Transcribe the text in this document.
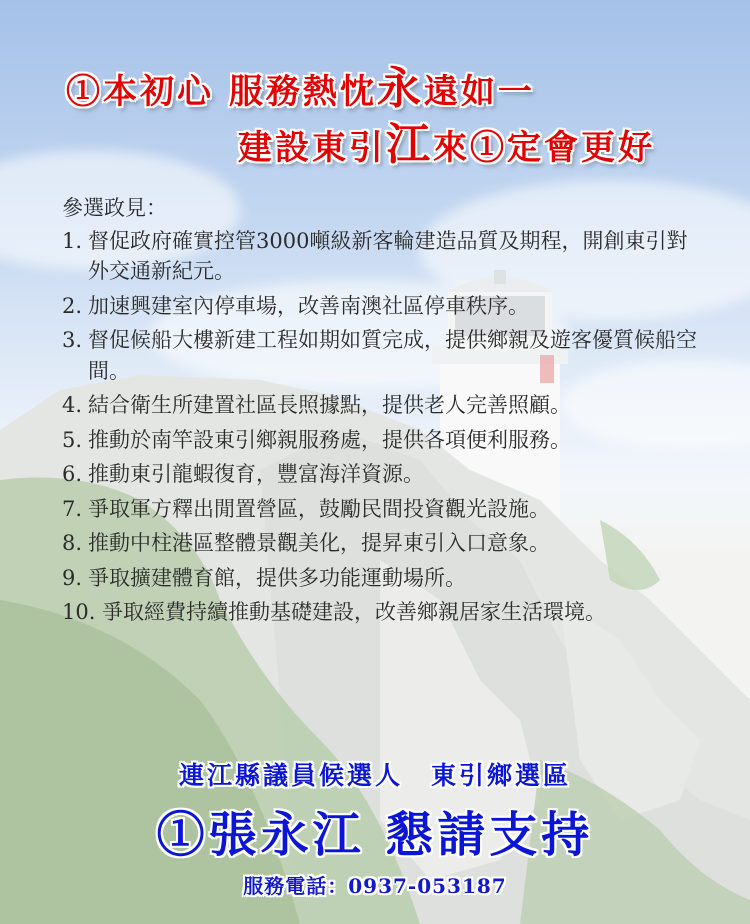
①本初心 服務熱忱永遠如一
建設東引江來①定會更好
參選政見：
1. 督促政府確實控管3000噸級新客輪建造品質及期程，開創東引對外交通新紀元。
2. 加速興建室內停車場，改善南澳社區停車秩序。
3. 督促候船大樓新建工程如期如質完成，提供鄉親及遊客優質候船空間。
4. 結合衛生所建置社區長照據點，提供老人完善照顧。
5. 推動於南竿設東引鄉親服務處，提供各項便利服務。
6. 推動東引龍蝦復育，豐富海洋資源。
7. 爭取軍方釋出閒置營區，鼓勵民間投資觀光設施。
8. 推動中柱港區整體景觀美化，提昇東引入口意象。
9. 爭取擴建體育館，提供多功能運動場所。
10. 爭取經費持續推動基礎建設，改善鄉親居家生活環境。
連江縣議員候選人　東引鄉選區
①張永江 懇請支持
服務電話：0937-053187
